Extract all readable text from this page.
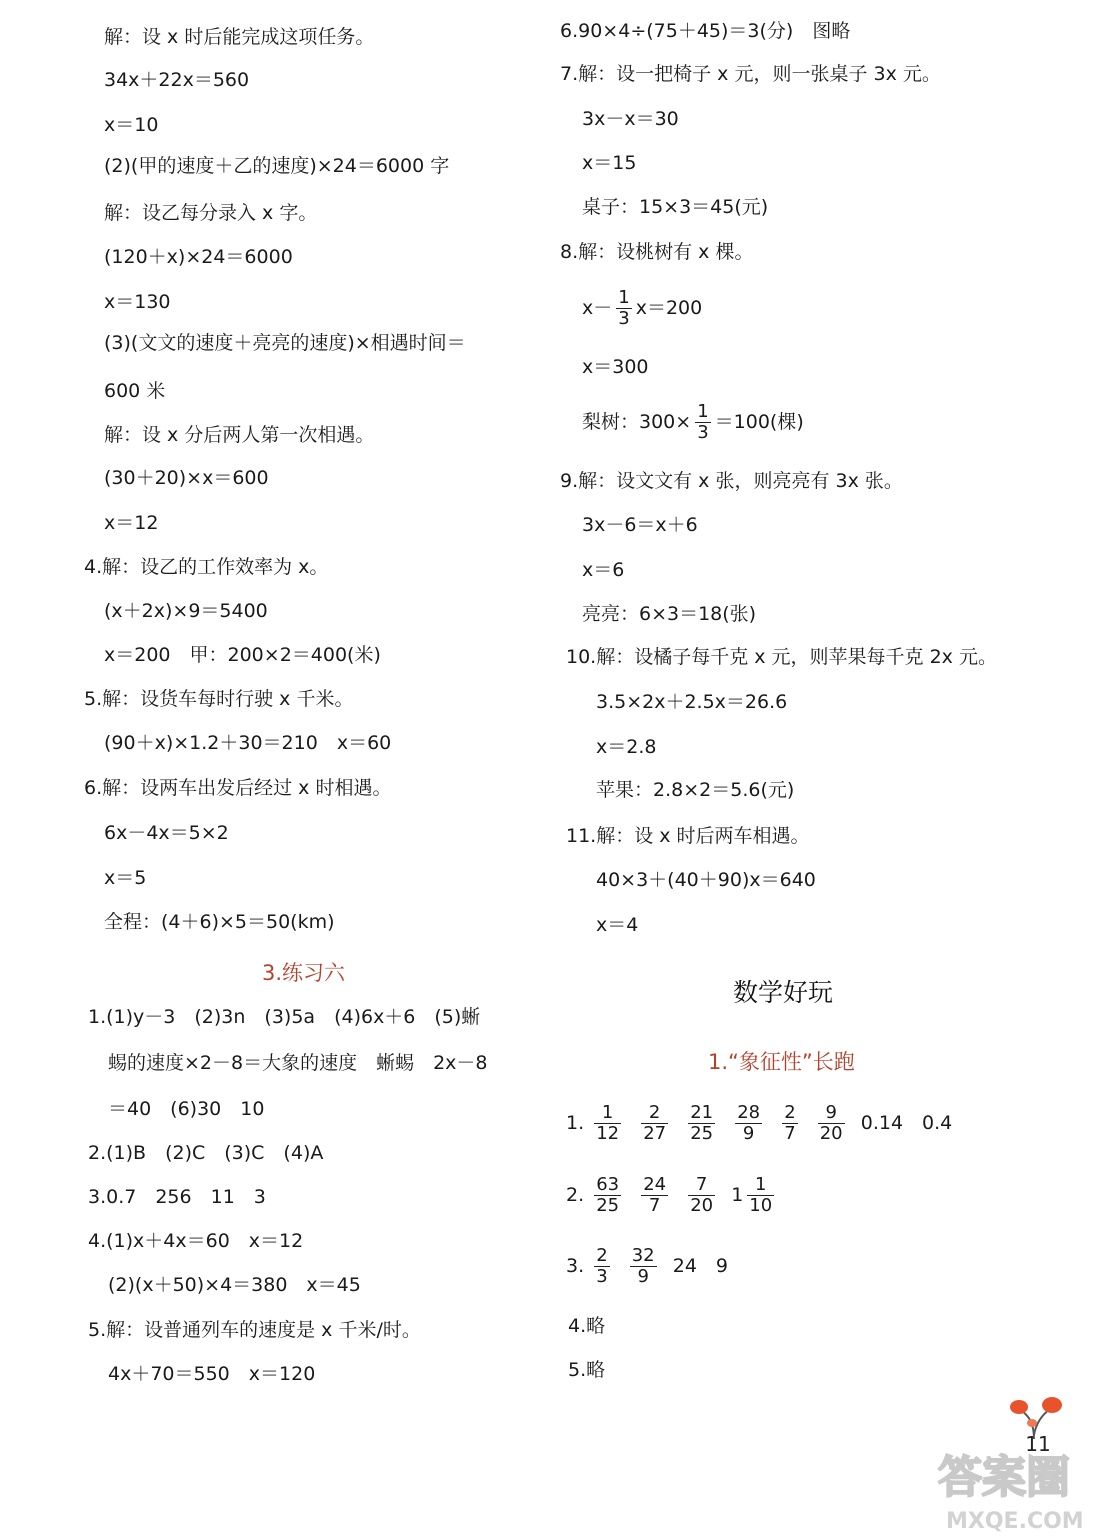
解：设 x 时后能完成这项任务。
34x＋22x＝560
x＝10
(2)(甲的速度＋乙的速度)×24＝6000 字
解：设乙每分录入 x 字。
(120＋x)×24＝6000
x＝130
(3)(文文的速度＋亮亮的速度)×相遇时间＝
600 米
解：设 x 分后两人第一次相遇。
(30＋20)×x＝600
x＝12
4.解：设乙的工作效率为 x。
(x＋2x)×9＝5400
x＝200　甲：200×2＝400(米)
5.解：设货车每时行驶 x 千米。
(90＋x)×1.2＋30＝210　x＝60
6.解：设两车出发后经过 x 时相遇。
6x－4x＝5×2
x＝5
全程：(4＋6)×5＝50(km)
3.练习六
1.(1)y－3　(2)3n　(3)5a　(4)6x＋6　(5)蜥
蜴的速度×2－8＝大象的速度　蜥蜴　2x－8
＝40　(6)30　10
2.(1)B　(2)C　(3)C　(4)A
3.0.7　256　11　3
4.(1)x＋4x＝60　x＝12
(2)(x＋50)×4＝380　x＝45
5.解：设普通列车的速度是 x 千米/时。
4x＋70＝550　x＝120
6.90×4÷(75＋45)＝3(分)　图略
7.解：设一把椅子 x 元，则一张桌子 3x 元。
3x－x＝30
x＝15
桌子：15×3＝45(元)
8.解：设桃树有 x 棵。
$x- \frac{1}{3} x=200$
x＝300
梨树：$300\times \frac{1}{3} =100$(棵)
9.解：设文文有 x 张，则亮亮有 3x 张。
3x－6＝x＋6
x＝6
亮亮：6×3＝18(张)
10.解：设橘子每千克 x 元，则苹果每千克 2x 元。
3.5×2x＋2.5x＝26.6
x＝2.8
苹果：2.8×2＝5.6(元)
11.解：设 x 时后两车相遇。
40×3＋(40＋90)x＝640
x＝4
数学好玩
1.“象征性”长跑
1. $\frac{1}{12}$
$\frac{2}{27}$
$\frac{21}{25}$
$\frac{28}{9}$
$\frac{2}{7}$
$\frac{9}{20} 0.14$　0.4
2. $\frac{63}{25}$
$\frac{24}{7}$
$\frac{7}{20} 1 \frac{1}{10}$
3. $\frac{2}{3}$
$\frac{32}{9} 24$　9
4.略
5.略
11
答案圈
MXQE.COM
